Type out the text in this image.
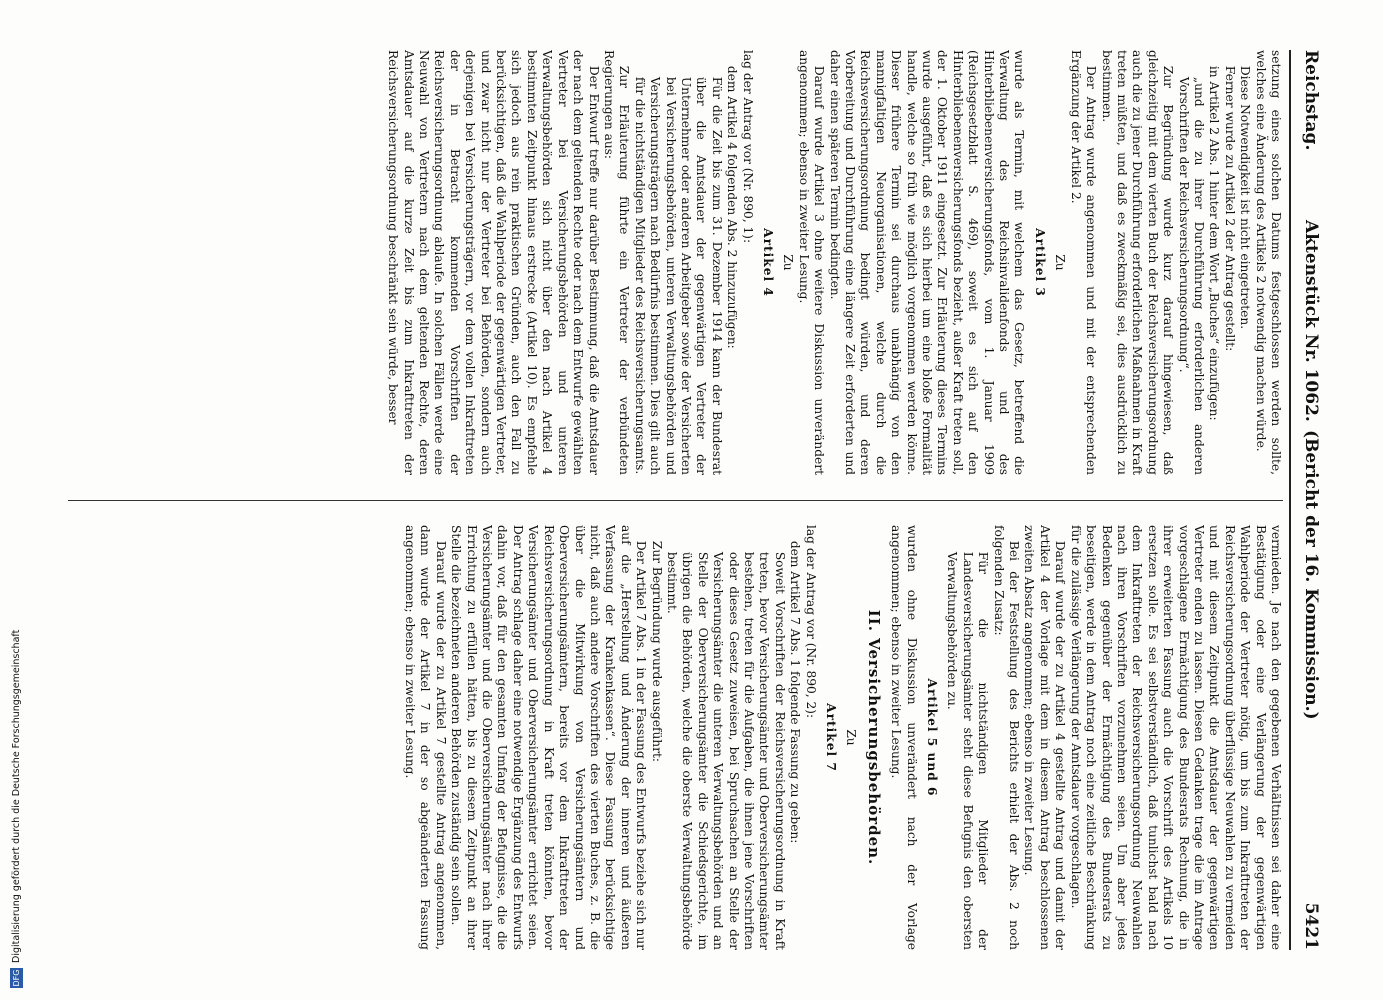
Reichstag.
Aktenstück Nr. 1062.
(Bericht der 16. Kommission.)
5421

setzung eines solchen Datums festgeschlossen werden sollte, welches eine Änderung des Artikels 2 notwendig machen würde.

Diese Notwendigkeit ist nicht eingetreten.

Ferner wurde zu Artikel 2 der Antrag gestellt:

in Artikel 2 Abs. 1 hinter dem Wort „Buches“ einzufügen:

„und die zu ihrer Durchführung erforderlichen anderen Vorschriften der Reichsversicherungsordnung“.

Zur Begründung wurde kurz darauf hingewiesen, daß gleichzeitig mit dem vierten Buch der Reichsversicherungsordnung auch die zu jener Durchführung erforderlichen Maßnahmen in Kraft treten müßten, und daß es zweckmäßig sei, dies ausdrücklich zu bestimmen.

Der Antrag wurde angenommen und mit der entsprechenden Ergänzung der Artikel 2.

Zu

Artikel 3

wurde als Termin, mit welchem das Gesetz, betreffend die Verwaltung des Reichsinvalidenfonds und des Hinterbliebenenversicherungsfonds, vom 1. Januar 1909 (Reichsgesetzblatt S. 469), soweit es sich auf den Hinterbliebenenversicherungsfonds bezieht, außer Kraft treten soll, der 1. Oktober 1911 eingesetzt. Zur Erläuterung dieses Termins wurde ausgeführt, daß es sich hierbei um eine bloße Formalität handle, welche so früh wie möglich vorgenommen werden könne. Dieser frühere Termin sei durchaus unabhängig von den mannigfaltigen Neuorganisationen, welche durch die Reichsversicherungsordnung bedingt würden, und deren Vorbereitung und Durchführung eine längere Zeit erforderten und daher einen späteren Termin bedingten.

Darauf wurde Artikel 3 ohne weitere Diskussion unverändert angenommen; ebenso in zweiter Lesung.

Zu

Artikel 4

lag der Antrag vor (Nr. 890, 1):

dem Artikel 4 folgenden Abs. 2 hinzuzufügen:

Für die Zeit bis zum 31. Dezember 1914 kann der Bundesrat über die Amtsdauer der gegenwärtigen Vertreter der Unternehmer oder anderen Arbeitgeber sowie der Versicherten bei Versicherungsbehörden, unteren Verwaltungsbehörden und Versicherungsträgern nach Bedürfnis bestimmen. Dies gilt auch für die nichtständigen Mitglieder des Reichsversicherungsamts.

Zur Erläuterung führte ein Vertreter der verbündeten Regierungen aus:

Der Entwurf treffe nur darüber Bestimmung, daß die Amtsdauer der nach dem geltenden Rechte oder nach dem Entwurfe gewählten Vertreter bei Versicherungsbehörden und unteren Verwaltungsbehörden sich nicht über den nach Artikel 4 bestimmten Zeitpunkt hinaus erstrecke (Artikel 10). Es empfehle sich jedoch aus rein praktischen Gründen, auch den Fall zu berücksichtigen, daß die Wahlperiode der gegenwärtigen Vertreter, und zwar nicht nur der Vertreter bei Behörden, sondern auch derjenigen bei Versicherungsträgern, vor dem vollen Inkrafttreten der in Betracht kommenden Vorschriften der Reichsversicherungsordnung ablaufe. In solchen Fällen werde eine Neuwahl von Vertretern nach dem geltenden Rechte, deren Amtsdauer auf die kurze Zeit bis zum Inkrafttreten der Reichsversicherungsordnung beschränkt sein würde, besser

vermieden. Je nach den gegebenen Verhältnissen sei daher eine Bestätigung oder eine Verlängerung der gegenwärtigen Wahlperiode der Vertreter nötig, um bis zum Inkrafttreten der Reichsversicherungsordnung überflüssige Neuwahlen zu vermeiden und mit diesem Zeitpunkt die Amtsdauer der gegenwärtigen Vertreter enden zu lassen. Diesen Gedanken trage die im Antrage vorgeschlagene Ermächtigung des Bundesrats Rechnung, die in ihrer erweiterten Fassung auch die Vorschrift des Artikels 10 ersetzen solle. Es sei selbstverständlich, daß tunlichst bald nach dem Inkrafttreten der Reichsversicherungsordnung Neuwahlen nach ihren Vorschriften vorzunehmen seien. Um aber jedes Bedenken gegenüber der Ermächtigung des Bundesrats zu beseitigen, werde in dem Antrag noch eine zeitliche Beschränkung für die zulässige Verlängerung der Amtsdauer vorgeschlagen.

Darauf wurde der zu Artikel 4 gestellte Antrag und damit der Artikel 4 der Vorlage mit dem in diesem Antrag beschlossenen zweiten Absatz angenommen; ebenso in zweiter Lesung.

Bei der Feststellung des Berichts erhielt der Abs. 2 noch folgenden Zusatz:

Für die nichtständigen Mitglieder der Landesversicherungsämter steht diese Befugnis den obersten Verwaltungsbehörden zu.

Artikel 5 und 6

wurden ohne Diskussion unverändert nach der Vorlage angenommen; ebenso in zweiter Lesung.

II. Versicherungsbehörden.

Zu

Artikel 7

lag der Antrag vor (Nr. 890, 2):

dem Artikel 7 Abs. 1 folgende Fassung zu geben:

Soweit Vorschriften der Reichsversicherungsordnung in Kraft treten, bevor Versicherungsämter und Oberversicherungsämter bestehen, treten für die Aufgaben, die ihnen jene Vorschriften oder dieses Gesetz zuweisen, bei Spruchsachen an Stelle der Versicherungsämter die unteren Verwaltungsbehörden und an Stelle der Oberversicherungsämter die Schiedsgerichte, im übrigen die Behörden, welche die oberste Verwaltungsbehörde bestimmt.

Zur Begründung wurde ausgeführt:

Der Artikel 7 Abs. 1 in der Fassung des Entwurfs beziehe sich nur auf die „Herstellung und Änderung der inneren und äußeren Verfassung der Krankenkassen“. Diese Fassung berücksichtige nicht, daß auch andere Vorschriften des vierten Buches, z. B. die über die Mitwirkung von Versicherungsämtern und Oberversicherungsämtern, bereits vor dem Inkrafttreten der Reichsversicherungsordnung in Kraft treten könnten, bevor Versicherungsämter und Oberversicherungsämter errichtet seien. Der Antrag schlage daher eine notwendige Ergänzung des Entwurfs dahin vor, daß für den gesamten Umfang der Befugnisse, die die Versicherungsämter und die Oberversicherungsämter nach ihrer Errichtung zu erfüllen hätten, bis zu diesem Zeitpunkt an ihrer Stelle die bezeichneten anderen Behörden zuständig sein sollen.

Darauf wurde der zu Artikel 7 gestellte Antrag angenommen, dann wurde der Artikel 7 in der so abgeänderten Fassung angenommen; ebenso in zweiter Lesung.

DFGDigitalisierung gefördert durch die Deutsche Forschungsgemeinschaft
